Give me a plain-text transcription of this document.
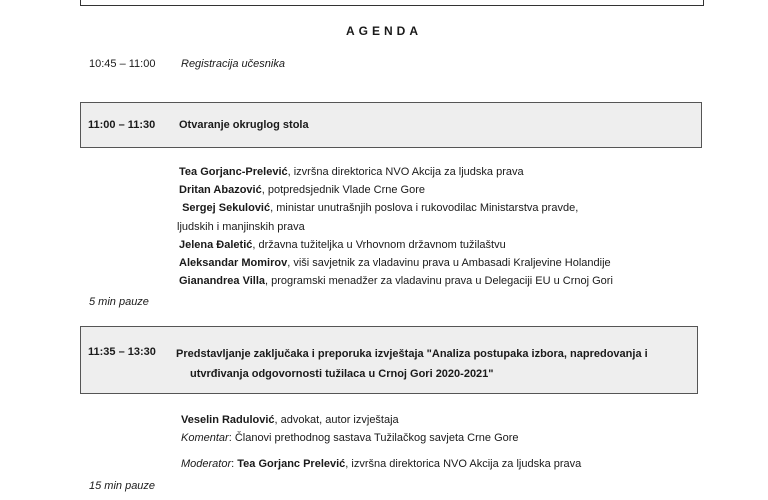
AGENDA
10:45 – 11:00 Registracija učesnika
11:00 – 11:30 Otvaranje okruglog stola
Tea Gorjanc-Prelević, izvršna direktorica NVO Akcija za ljudska prava
Dritan Abazović, potpredsjednik Vlade Crne Gore
Sergej Sekulović, ministar unutrašnjih poslova i rukovodilac Ministarstva pravde,
ljudskih i manjinskih prava
Jelena Đaletić, državna tužiteljka u Vrhovnom državnom tužilaštvu
Aleksandar Momirov, viši savjetnik za vladavinu prava u Ambasadi Kraljevine Holandije
Gianandrea Villa, programski menadžer za vladavinu prava u Delegaciji EU u Crnoj Gori
5 min pauze
11:35 – 13:30 Predstavljanje zaključaka i preporuka izvještaja "Analiza postupaka izbora, napredovanja i
utvrđivanja odgovornosti tužilaca u Crnoj Gori 2020-2021"
Veselin Radulović, advokat, autor izvještaja
Komentar: Članovi prethodnog sastava Tužilačkog savjeta Crne Gore
Moderator: Tea Gorjanc Prelević, izvršna direktorica NVO Akcija za ljudska prava
15 min pauze
